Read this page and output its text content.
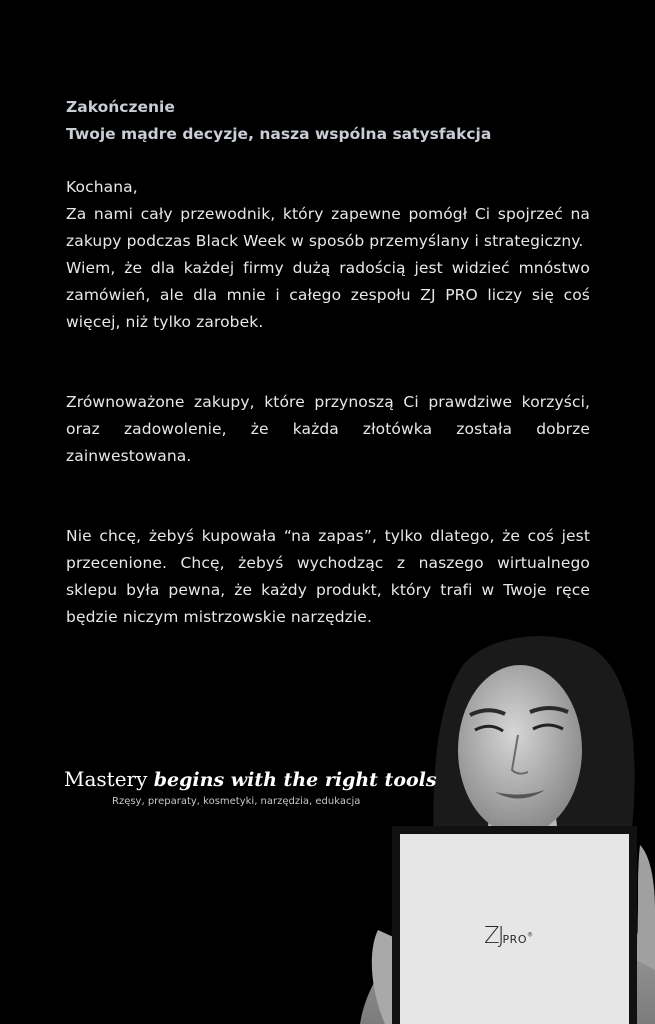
Zakończenie
Twoje mądre decyzje, nasza wspólna satysfakcja

Kochana,

Za nami cały przewodnik, który zapewne pomógł Ci spojrzeć na zakupy podczas Black Week w sposób przemyślany i strategiczny.

Wiem, że dla każdej firmy dużą radością jest widzieć mnóstwo zamówień, ale dla mnie i całego zespołu ZJ PRO liczy się coś więcej, niż tylko zarobek.

Zrównoważone zakupy, które przynoszą Ci prawdziwe korzyści, oraz zadowolenie, że każda złotówka została dobrze zainwestowana.

Nie chcę, żebyś kupowała “na zapas”, tylko dlatego, że coś jest przecenione. Chcę, żebyś wychodząc z naszego wirtualnego sklepu była pewna, że każdy produkt, który trafi w Twoje ręce będzie niczym mistrzowskie narzędzie.

ZJPRO®
Mastery begins with the right tools
Rzęsy, preparaty, kosmetyki, narzędzia, edukacja
